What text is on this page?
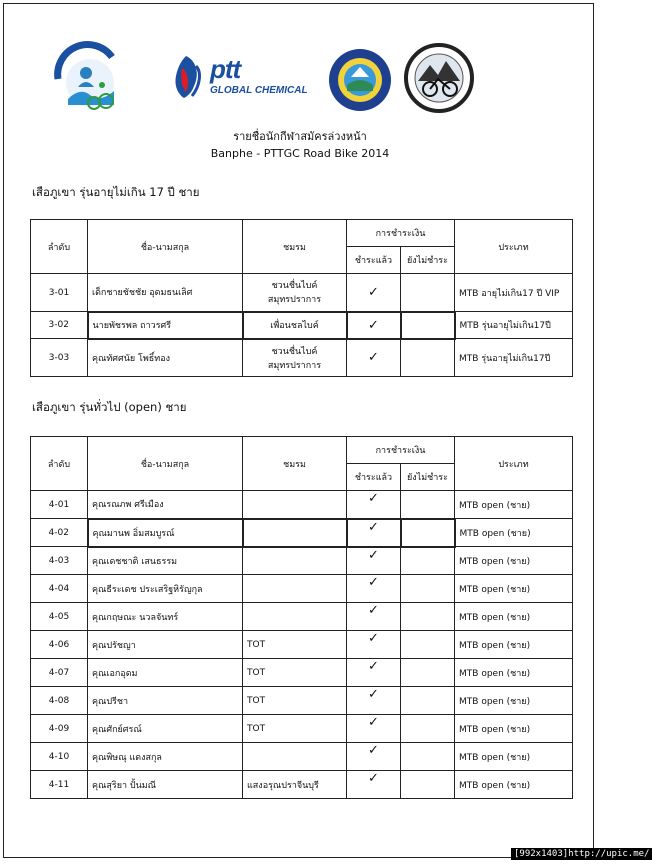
ptt
GLOBAL CHEMICAL
รายชื่อนักกีฬาสมัครล่วงหน้า
Banphe - PTTGC Road Bike 2014
เสือภูเขา รุ่นอายุไม่เกิน 17 ปี ชาย
ลำดับ	ชื่อ-นามสกุล	ชมรม	การชำระเงิน		ประเภท
			ชำระแล้ว	ยังไม่ชำระ	
3-01	เด็กชายชัชชัย อุดมธนเลิศ	ชวนชื่นไบค์ สมุทรปราการ	✓		MTB อายุไม่เกิน17 ปี VIP
3-02	นายพัชรพล ถาวรศรี	เพื่อนชลไบค์	✓		MTB รุ่นอายุไม่เกิน17ปี
3-03	คุณทัศศนัย โพธิ์ทอง	ชวนชื่นไบค์ สมุทรปราการ	✓		MTB รุ่นอายุไม่เกิน17ปี
เสือภูเขา รุ่นทั่วไป (open) ชาย
ลำดับ	ชื่อ-นามสกุล	ชมรม	การชำระเงิน		ประเภท
			ชำระแล้ว	ยังไม่ชำระ	
4-01	คุณรณภพ ศรีเมือง		✓		MTB open (ชาย)
4-02	คุณมานพ อิ่มสมบูรณ์		✓		MTB open (ชาย)
4-03	คุณเดชชาติ เสนธรรม		✓		MTB open (ชาย)
4-04	คุณธีระเดช ประเสริฐหิรัญกุล		✓		MTB open (ชาย)
4-05	คุณกฤษณะ นวลจันทร์		✓		MTB open (ชาย)
4-06	คุณปรัชญา	TOT	✓		MTB open (ชาย)
4-07	คุณเอกอุดม	TOT	✓		MTB open (ชาย)
4-08	คุณปรีชา	TOT	✓		MTB open (ชาย)
4-09	คุณศักย์ศรณ์	TOT	✓		MTB open (ชาย)
4-10	คุณพิษณุ แดงสกุล		✓		MTB open (ชาย)
4-11	คุณสุริยา ปั้นมณี	แสงอรุณปราจีนบุรี	✓		MTB open (ชาย)
[992x1403]http://upic.me/
